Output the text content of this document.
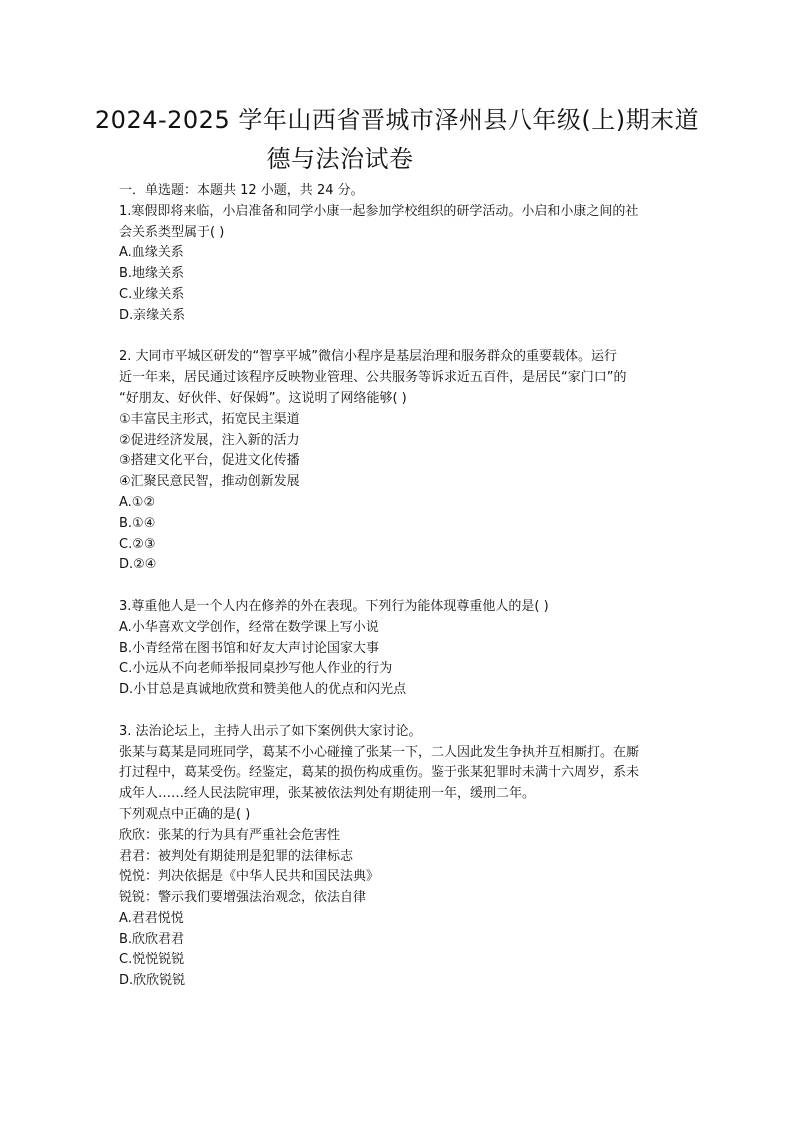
2024-2025 学年山西省晋城市泽州县八年级(上)期末道
德与法治试卷
一．单选题：本题共 12 小题，共 24 分。
1.寒假即将来临，小启准备和同学小康一起参加学校组织的研学活动。小启和小康之间的社
会关系类型属于( )
A.血缘关系
B.地缘关系
C.业缘关系
D.亲缘关系
2. 大同市平城区研发的“智享平城”微信小程序是基层治理和服务群众的重要载体。运行
近一年来，居民通过该程序反映物业管理、公共服务等诉求近五百件，是居民“家门口”的
“好朋友、好伙伴、好保姆”。这说明了网络能够( )
①丰富民主形式，拓宽民主渠道
②促进经济发展，注入新的活力
③搭建文化平台，促进文化传播
④汇聚民意民智，推动创新发展
A.①②
B.①④
C.②③
D.②④
3.尊重他人是一个人内在修养的外在表现。下列行为能体现尊重他人的是( )
A.小华喜欢文学创作，经常在数学课上写小说
B.小青经常在图书馆和好友大声讨论国家大事
C.小远从不向老师举报同桌抄写他人作业的行为
D.小甘总是真诚地欣赏和赞美他人的优点和闪光点
3. 法治论坛上，主持人出示了如下案例供大家讨论。
张某与葛某是同班同学，葛某不小心碰撞了张某一下，二人因此发生争执并互相厮打。在厮
打过程中，葛某受伤。经鉴定，葛某的损伤构成重伤。鉴于张某犯罪时未满十六周岁，系未
成年人……经人民法院审理，张某被依法判处有期徒刑一年，缓刑二年。
下列观点中正确的是( )
欣欣：张某的行为具有严重社会危害性
君君：被判处有期徒刑是犯罪的法律标志
悦悦：判决依据是《中华人民共和国民法典》
锐锐：警示我们要增强法治观念，依法自律
A.君君悦悦
B.欣欣君君
C.悦悦锐锐
D.欣欣锐锐
